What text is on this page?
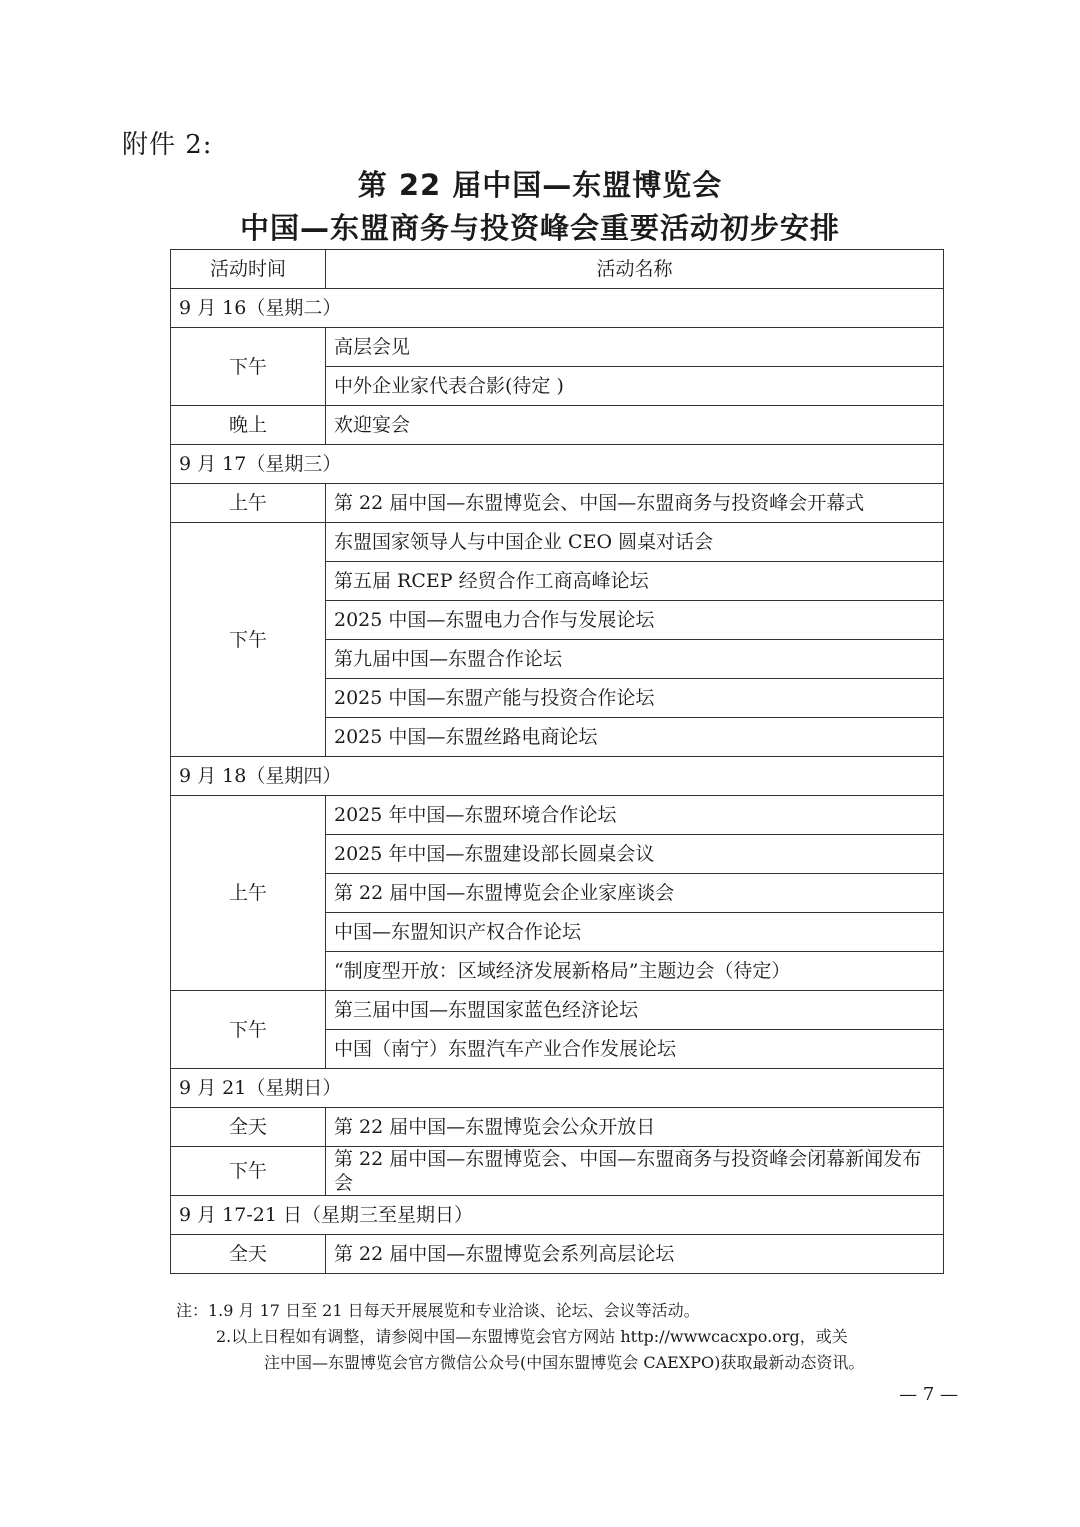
附件 2:
第 22 届中国—东盟博览会
中国—东盟商务与投资峰会重要活动初步安排
活动时间	活动名称
9 月 16（星期二）	
下午	高层会见
	中外企业家代表合影(待定 )
晚上	欢迎宴会
9 月 17（星期三）	
上午	第 22 届中国—东盟博览会、中国—东盟商务与投资峰会开幕式
下午	东盟国家领导人与中国企业 CEO 圆桌对话会
	第五届 RCEP 经贸合作工商高峰论坛
	2025 中国—东盟电力合作与发展论坛
	第九届中国—东盟合作论坛
	2025 中国—东盟产能与投资合作论坛
	2025 中国—东盟丝路电商论坛
9 月 18（星期四）	
上午	2025 年中国—东盟环境合作论坛
	2025 年中国—东盟建设部长圆桌会议
	第 22 届中国—东盟博览会企业家座谈会
	中国—东盟知识产权合作论坛
	“制度型开放：区域经济发展新格局”主题边会（待定）
下午	第三届中国—东盟国家蓝色经济论坛
	中国（南宁）东盟汽车产业合作发展论坛
9 月 21（星期日）	
全天	第 22 届中国—东盟博览会公众开放日
下午	第 22 届中国—东盟博览会、中国—东盟商务与投资峰会闭幕新闻发布会
9 月 17-21 日（星期三至星期日）	
全天	第 22 届中国—东盟博览会系列高层论坛

注：1.9 月 17 日至 21 日每天开展展览和专业洽谈、论坛、会议等活动。

2.以上日程如有调整，请参阅中国—东盟博览会官方网站 http://wwwcacxpo.org，或关

注中国—东盟博览会官方微信公众号(中国东盟博览会 CAEXPO)获取最新动态资讯。

— 7 —
